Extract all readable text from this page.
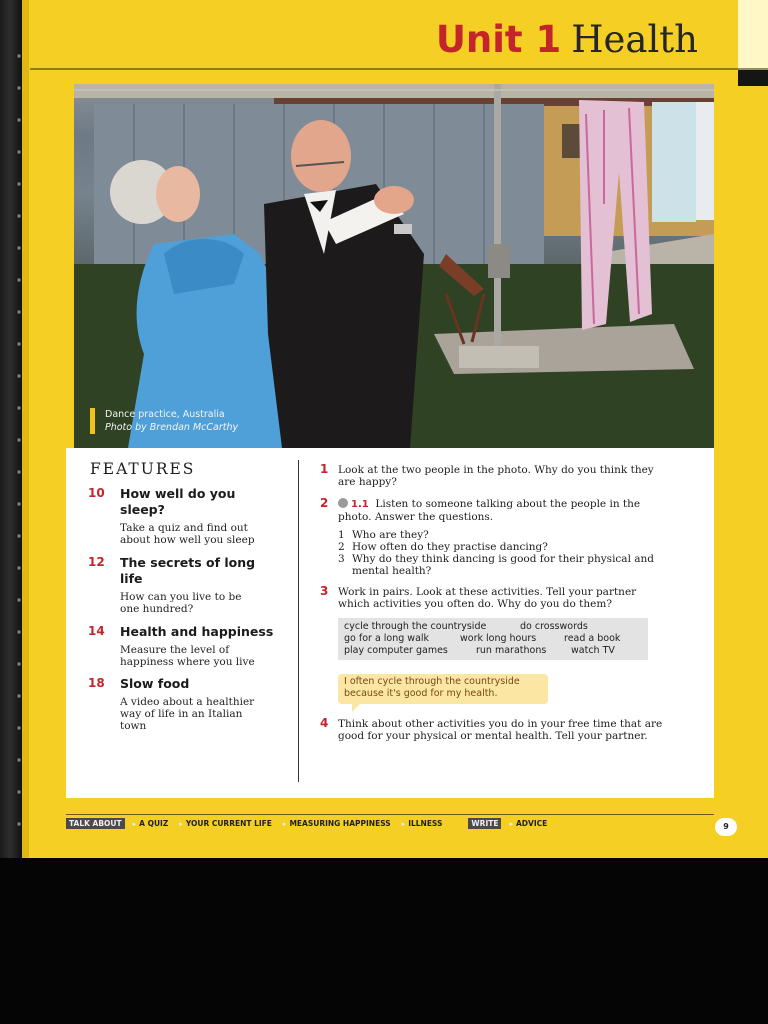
Unit 1 Health
Dance practice, Australia
Photo by Brendan McCarthy
FEATURES
10	How well do you sleep?
Take a quiz and find out about how well you sleep
12	The secrets of long life
How can you live to be one hundred?
14	Health and happiness
Measure the level of happiness where you live
18	Slow food
A video about a healthier way of life in an Italian town
1 Look at the two people in the photo. Why do you think they are happy?
2	1.1 Listen to someone talking about the people in the photo. Answer the questions.
1 Who are they?
2 How often do they practise dancing?
3 Why do they think dancing is good for their physical and mental health?
3 Work in pairs. Look at these activities. Tell your partner which activities you often do. Why do you do them?
cycle through the countryside	do crosswords
go for a long walk	work long hours	read a book
play computer games	run marathons	watch TV
I often cycle through the countryside because it's good for my health.
4 Think about other activities you do in your free time that are good for your physical or mental health. Tell your partner.
TALK ABOUT ▸ A QUIZ ▸ YOUR CURRENT LIFE ▸ MEASURING HAPPINESS ▸ ILLNESS	WRITE ▸ ADVICE	9
